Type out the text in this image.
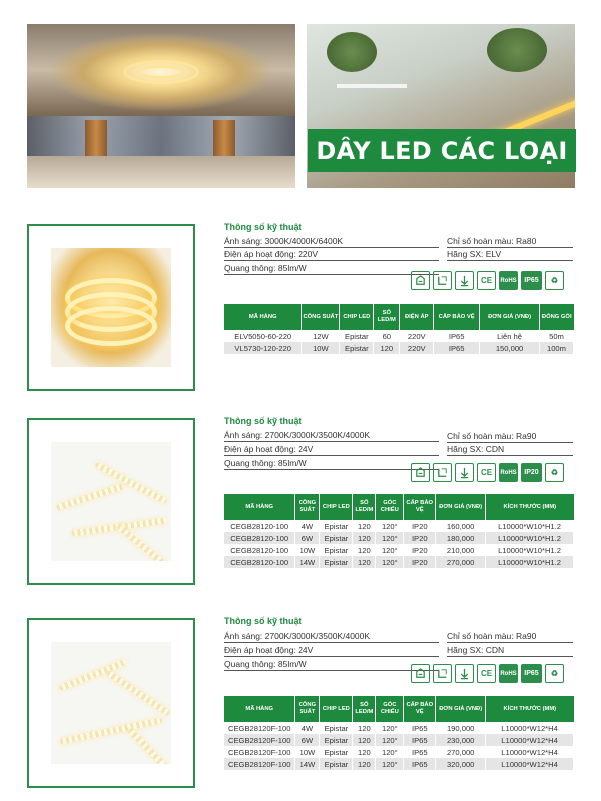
DÂY LED CÁC LOẠI
Thông số kỹ thuật
Ánh sáng: 3000K/4000K/6400K
Điện áp hoạt động: 220V
Quang thông: 85lm/W
Chỉ số hoàn màu: Ra80
Hãng SX: ELV
CE	RoHS	IP65	♻
MÃ HÀNG	CÔNG SUẤT	CHIP LED	SỐ LED/M	ĐIỆN ÁP	CẤP BẢO VỆ	ĐƠN GIÁ (VNĐ)	ĐÓNG GÓI
ELV5050-60-220	12W	Epistar	60	220V	IP65	Liên hệ	50m
VL5730-120-220	10W	Epistar	120	220V	IP65	150,000	100m
Thông số kỹ thuật
Ánh sáng: 2700K/3000K/3500K/4000K
Điện áp hoạt động: 24V
Quang thông: 85lm/W
Chỉ số hoàn màu: Ra90
Hãng SX: CDN
CE	RoHS	IP20	♻
MÃ HÀNG	CÔNG SUẤT	CHIP LED	SỐ LED/M	GÓC CHIẾU	CẤP BẢO VỆ	ĐƠN GIÁ (VNĐ)	KÍCH THƯỚC (MM)
CEGB28120-100	4W	Epistar	120	120°	IP20	160,000	L10000*W10*H1.2
CEGB28120-100	6W	Epistar	120	120°	IP20	180,000	L10000*W10*H1.2
CEGB28120-100	10W	Epistar	120	120°	IP20	210,000	L10000*W10*H1.2
CEGB28120-100	14W	Epistar	120	120°	IP20	270,000	L10000*W10*H1.2
Thông số kỹ thuật
Ánh sáng: 2700K/3000K/3500K/4000K
Điện áp hoạt động: 24V
Quang thông: 85lm/W
Chỉ số hoàn màu: Ra90
Hãng SX: CDN
CE	RoHS	IP65	♻
MÃ HÀNG	CÔNG SUẤT	CHIP LED	SỐ LED/M	GÓC CHIẾU	CẤP BẢO VỆ	ĐƠN GIÁ (VNĐ)	KÍCH THƯỚC (MM)
CEGB28120F-100	4W	Epistar	120	120°	IP65	190,000	L10000*W12*H4
CEGB28120F-100	6W	Epistar	120	120°	IP65	230,000	L10000*W12*H4
CEGB28120F-100	10W	Epistar	120	120°	IP65	270,000	L10000*W12*H4
CEGB28120F-100	14W	Epistar	120	120°	IP65	320,000	L10000*W12*H4
